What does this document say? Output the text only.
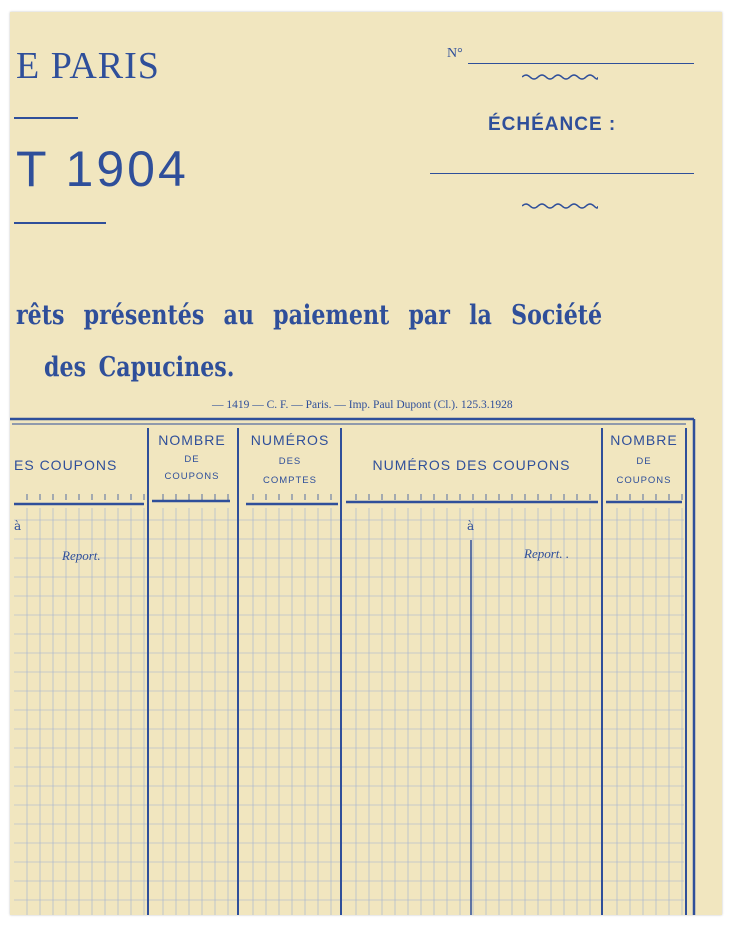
E PARIS
T 1904
N°
ÉCHÉANCE :
rêts présentés au paiement par la Société
des Capucines.
— 1419 — C. F. — Paris. — Imp. Paul Dupont (Cl.). 125.3.1928
ES COUPONS
NOMBRE
DE
COUPONS
NUMÉROS
DES
COMPTES
NUMÉROS DES COUPONS
NOMBRE
DE
COUPONS
à	à
Report.	Report. .
